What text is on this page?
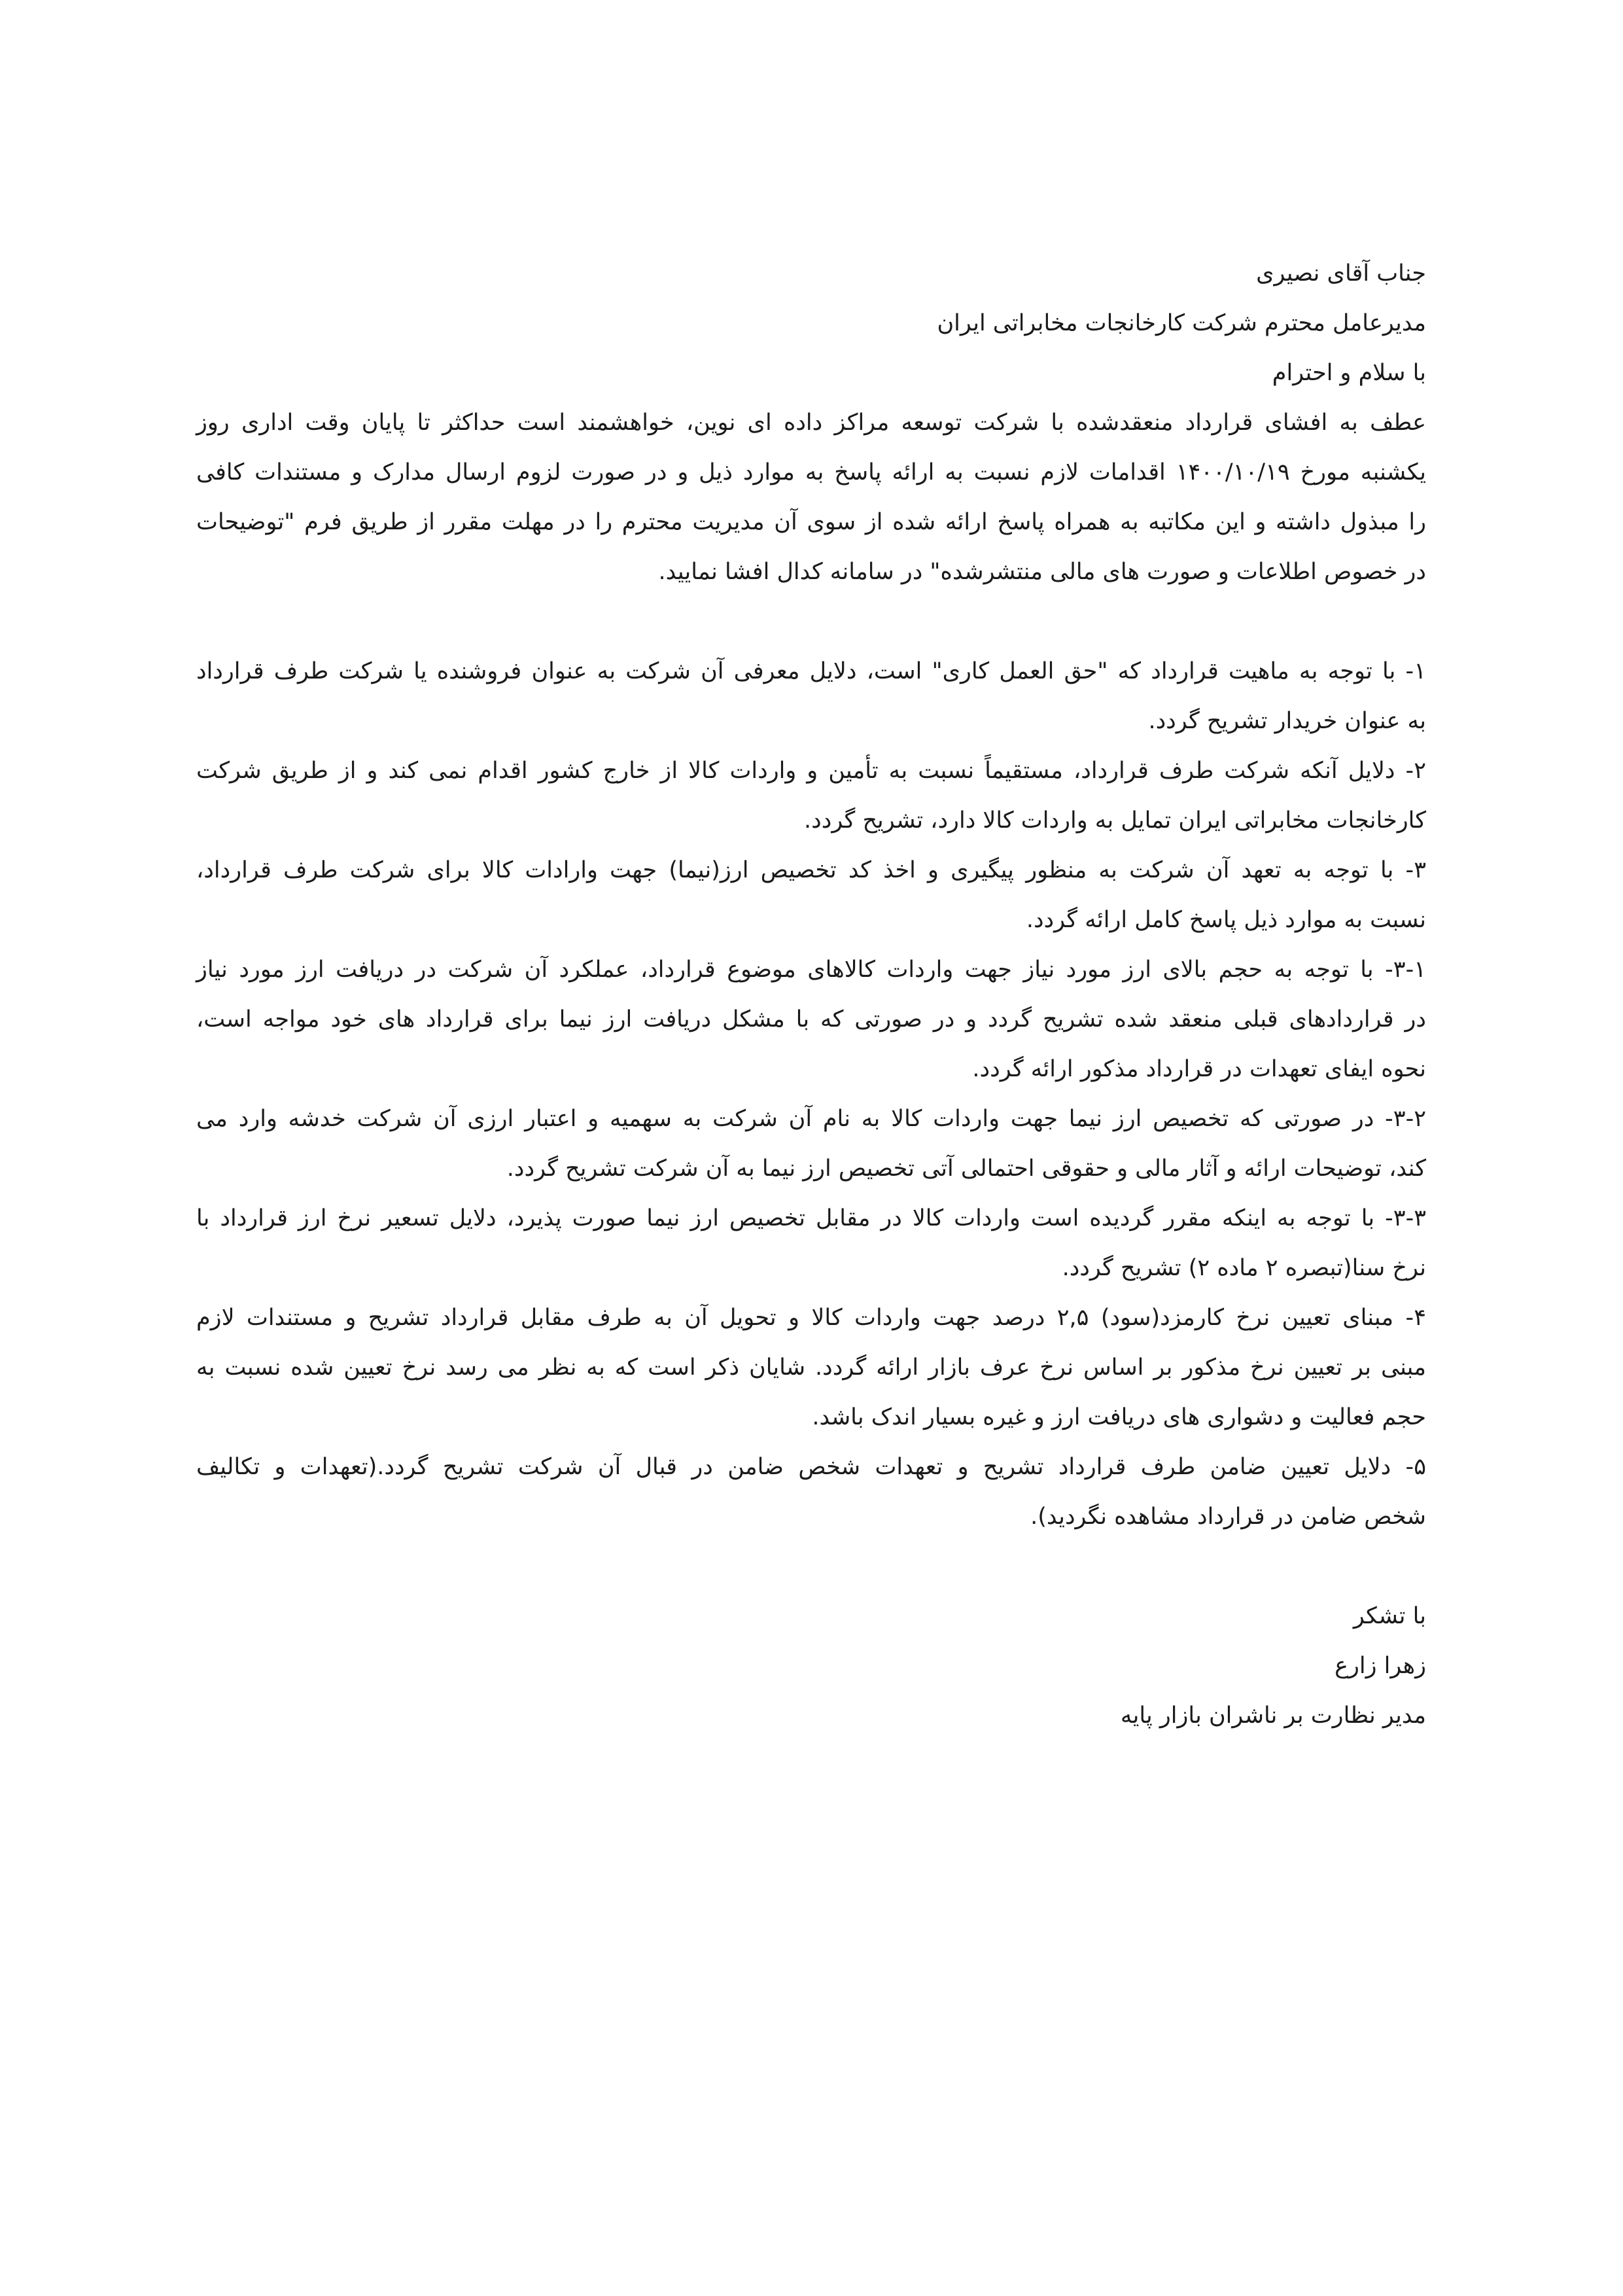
جناب آقای نصیری
مدیرعامل محترم شرکت کارخانجات مخابراتی ایران
با سلام و احترام
عطف به افشای قرارداد منعقدشده با شرکت توسعه مراکز داده ای نوین، خواهشمند است حداکثر تا پایان وقت اداری روز
یکشنبه مورخ ۱۴۰۰/۱۰/۱۹ اقدامات لازم نسبت به ارائه پاسخ به موارد ذیل و در صورت لزوم ارسال مدارک و مستندات کافی
را مبذول داشته و این مکاتبه به همراه پاسخ ارائه شده از سوی آن مدیریت محترم را در مهلت مقرر از طریق فرم "توضیحات
در خصوص اطلاعات و صورت های مالی منتشرشده" در سامانه کدال افشا نمایید.
۱- با توجه به ماهیت قرارداد که "حق العمل کاری" است، دلایل معرفی آن شرکت به عنوان فروشنده یا شرکت طرف قرارداد
به عنوان خریدار تشریح گردد.
۲- دلایل آنکه شرکت طرف قرارداد، مستقیماً نسبت به تأمین و واردات کالا از خارج کشور اقدام نمی کند و از طریق شرکت
کارخانجات مخابراتی ایران تمایل به واردات کالا دارد، تشریح گردد.
۳- با توجه به تعهد آن شرکت به منظور پیگیری و اخذ کد تخصیص ارز(نیما) جهت وارادات کالا برای شرکت طرف قرارداد،
نسبت به موارد ذیل پاسخ کامل ارائه گردد.
۳-۱- با توجه به حجم بالای ارز مورد نیاز جهت واردات کالاهای موضوع قرارداد، عملکرد آن شرکت در دریافت ارز مورد نیاز
در قراردادهای قبلی منعقد شده تشریح گردد و در صورتی که با مشکل دریافت ارز نیما برای قرارداد های خود مواجه است،
نحوه ایفای تعهدات در قرارداد مذکور ارائه گردد.
۳-۲- در صورتی که تخصیص ارز نیما جهت واردات کالا به نام آن شرکت به سهمیه و اعتبار ارزی آن شرکت خدشه وارد می
کند، توضیحات ارائه و آثار مالی و حقوقی احتمالی آتی تخصیص ارز نیما به آن شرکت تشریح گردد.
۳-۳- با توجه به اینکه مقرر گردیده است واردات کالا در مقابل تخصیص ارز نیما صورت پذیرد، دلایل تسعیر نرخ ارز قرارداد با
نرخ سنا(تبصره ۲ ماده ۲) تشریح گردد.
۴- مبنای تعیین نرخ کارمزد(سود) ۲,۵ درصد جهت واردات کالا و تحویل آن به طرف مقابل قرارداد تشریح و مستندات لازم
مبنی بر تعیین نرخ مذکور بر اساس نرخ عرف بازار ارائه گردد. شایان ذکر است که به نظر می رسد نرخ تعیین شده نسبت به
حجم فعالیت و دشواری های دریافت ارز و غیره بسیار اندک باشد.
۵- دلایل تعیین ضامن طرف قرارداد تشریح و تعهدات شخص ضامن در قبال آن شرکت تشریح گردد.(تعهدات و تکالیف
شخص ضامن در قرارداد مشاهده نگردید).
با تشکر
زهرا زارع
مدیر نظارت بر ناشران بازار پایه
